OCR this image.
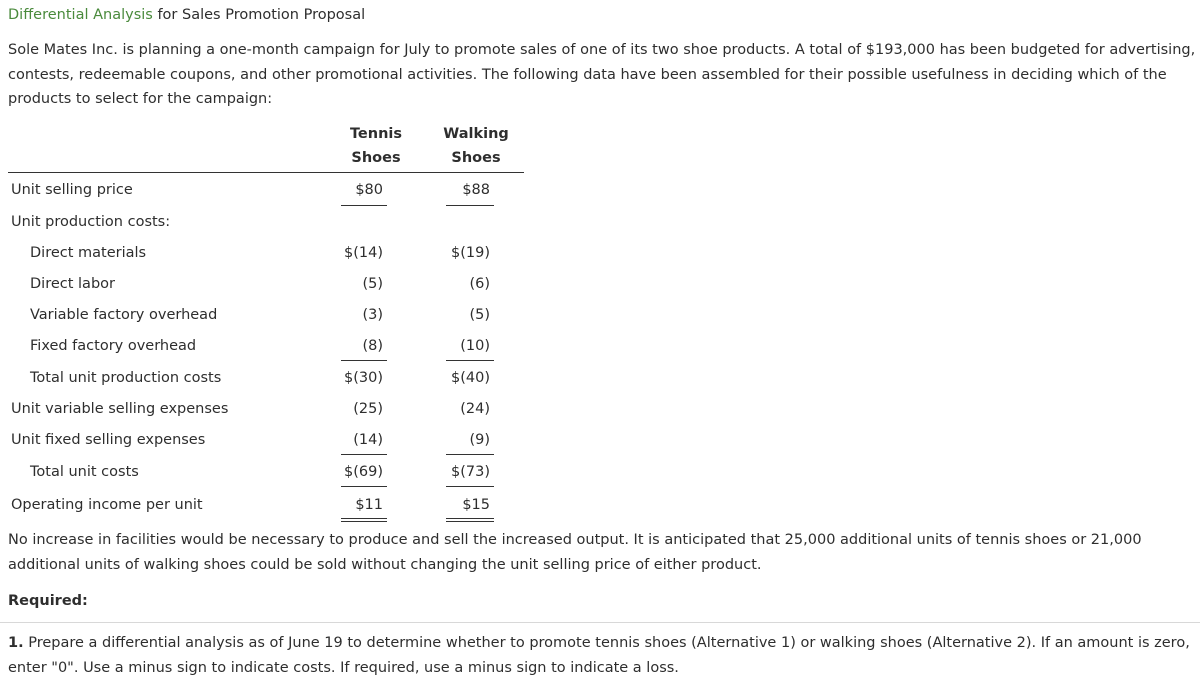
Differential Analysis for Sales Promotion Proposal
Sole Mates Inc. is planning a one-month campaign for July to promote sales of one of its two shoe products. A total of $193,000 has been budgeted for advertising, contests, redeemable coupons, and other promotional activities. The following data have been assembled for their possible usefulness in deciding which of the products to select for the campaign:
Tennis
Shoes
Walking
Shoes
Unit selling price
Unit production costs:
Direct materials
Direct labor
Variable factory overhead
Fixed factory overhead
Total unit production costs
Unit variable selling expenses
Unit fixed selling expenses
Total unit costs
Operating income per unit
$80
$(14)
(5)
(3)
(8)
$(30)
(25)
(14)
$(69)
$11
$88
$(19)
(6)
(5)
(10)
$(40)
(24)
(9)
$(73)
$15
No increase in facilities would be necessary to produce and sell the increased output. It is anticipated that 25,000 additional units of tennis shoes or 21,000 additional units of walking shoes could be sold without changing the unit selling price of either product.
Required:
1. Prepare a differential analysis as of June 19 to determine whether to promote tennis shoes (Alternative 1) or walking shoes (Alternative 2). If an amount is zero, enter "0". Use a minus sign to indicate costs. If required, use a minus sign to indicate a loss.
